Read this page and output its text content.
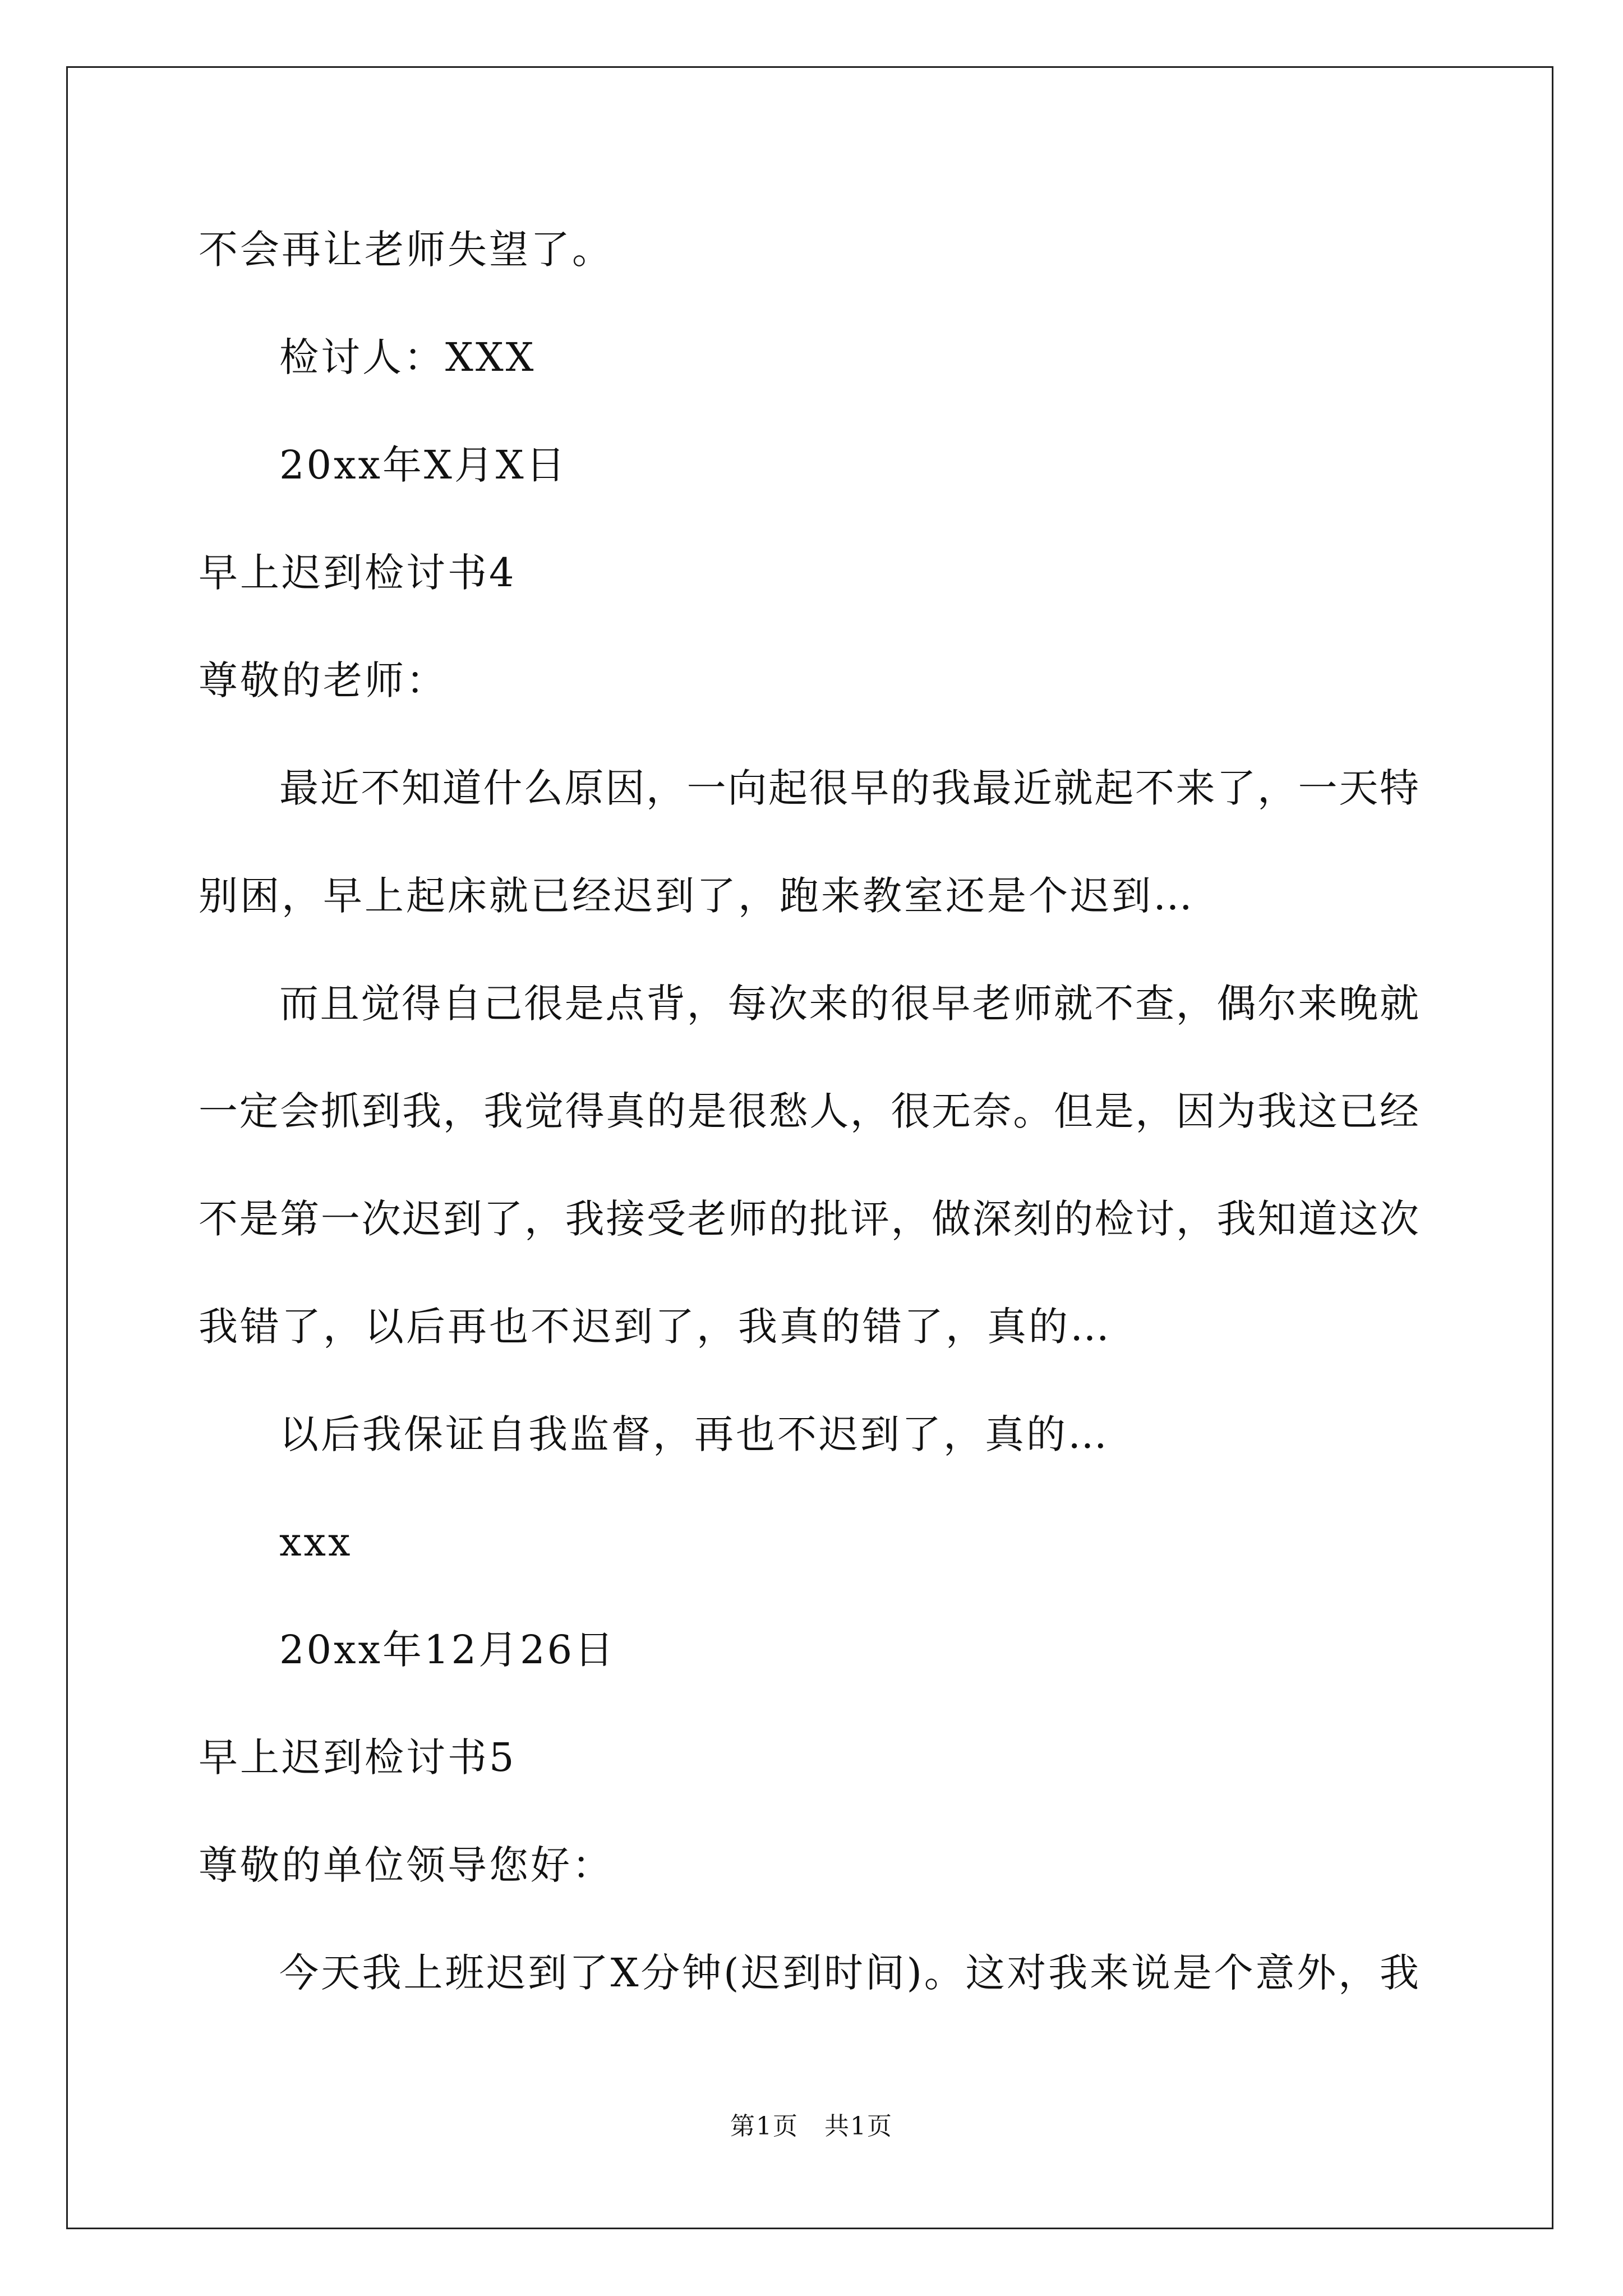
不会再让老师失望了。
检讨人：XXX
20xx年X月X日
早上迟到检讨书4
尊敬的老师：
最近不知道什么原因，一向起很早的我最近就起不来了，一天特
别困，早上起床就已经迟到了，跑来教室还是个迟到…
而且觉得自己很是点背，每次来的很早老师就不查，偶尔来晚就
一定会抓到我，我觉得真的是很愁人，很无奈。但是，因为我这已经
不是第一次迟到了，我接受老师的批评，做深刻的检讨，我知道这次
我错了，以后再也不迟到了，我真的错了，真的…
以后我保证自我监督，再也不迟到了，真的…
xxx
20xx年12月26日
早上迟到检讨书5
尊敬的单位领导您好：
今天我上班迟到了X分钟(迟到时间)。这对我来说是个意外，我
第1页　共1页
